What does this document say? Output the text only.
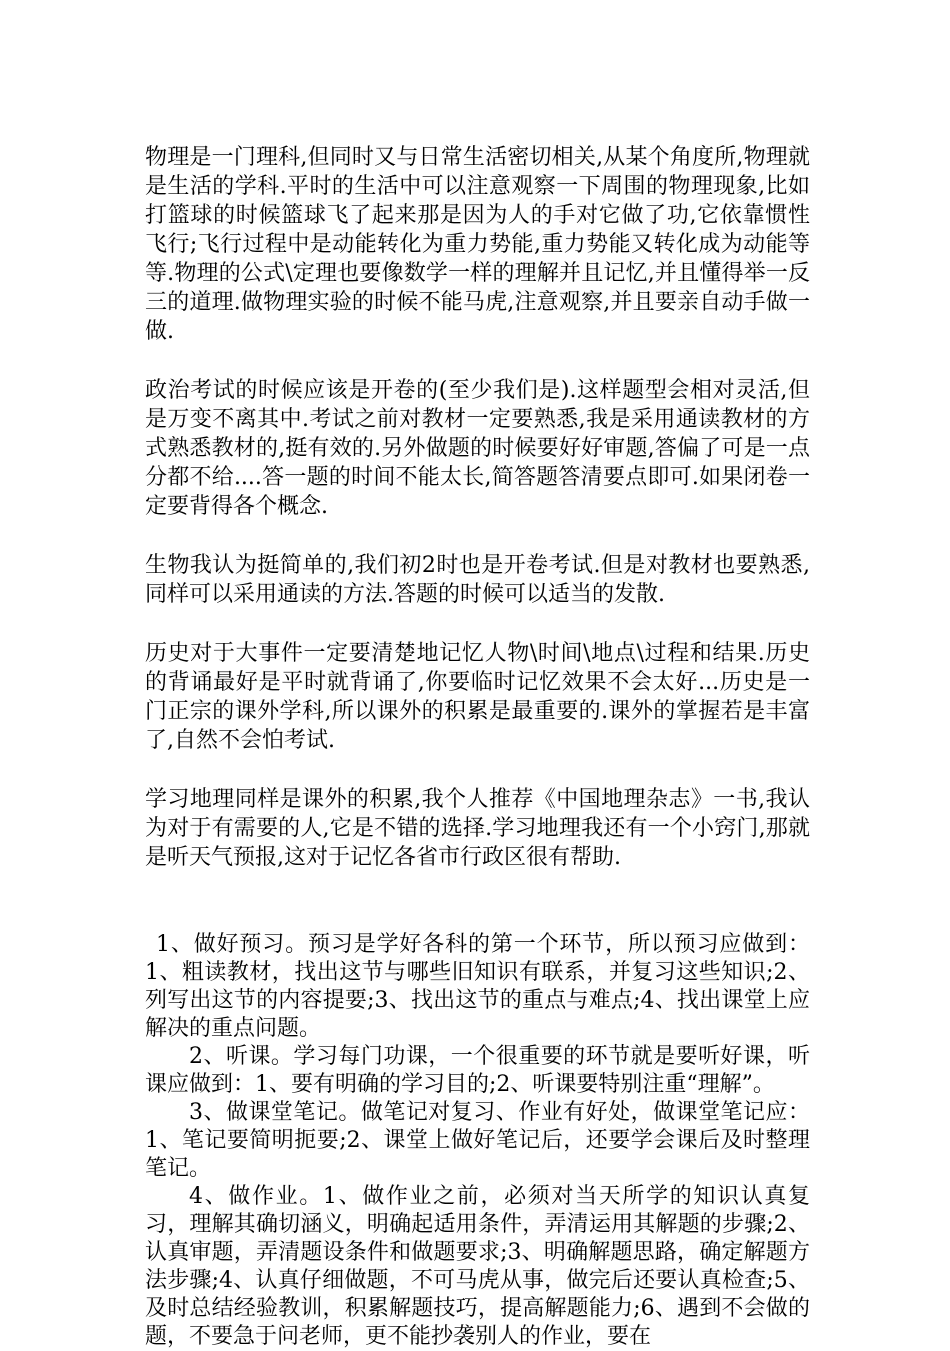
物理是一门理科,但同时又与日常生活密切相关,从某个角度所,物理就是生活的学科.平时的生活中可以注意观察一下周围的物理现象,比如打篮球的时候篮球飞了起来那是因为人的手对它做了功,它依靠惯性飞行;飞行过程中是动能转化为重力势能,重力势能又转化成为动能等等.物理的公式\定理也要像数学一样的理解并且记忆,并且懂得举一反三的道理.做物理实验的时候不能马虎,注意观察,并且要亲自动手做一做.

政治考试的时候应该是开卷的(至少我们是).这样题型会相对灵活,但是万变不离其中.考试之前对教材一定要熟悉,我是采用通读教材的方式熟悉教材的,挺有效的.另外做题的时候要好好审题,答偏了可是一点分都不给....答一题的时间不能太长,简答题答清要点即可.如果闭卷一定要背得各个概念.

生物我认为挺简单的,我们初2时也是开卷考试.但是对教材也要熟悉,同样可以采用通读的方法.答题的时候可以适当的发散.

历史对于大事件一定要清楚地记忆人物\时间\地点\过程和结果.历史的背诵最好是平时就背诵了,你要临时记忆效果不会太好...历史是一门正宗的课外学科,所以课外的积累是最重要的.课外的掌握若是丰富了,自然不会怕考试.

学习地理同样是课外的积累,我个人推荐《中国地理杂志》一书,我认为对于有需要的人,它是不错的选择.学习地理我还有一个小窍门,那就是听天气预报,这对于记忆各省市行政区很有帮助.

1、做好预习。预习是学好各科的第一个环节，所以预习应做到：1、粗读教材，找出这节与哪些旧知识有联系，并复习这些知识;2、列写出这节的内容提要;3、找出这节的重点与难点;4、找出课堂上应解决的重点问题。

2、听课。学习每门功课，一个很重要的环节就是要听好课，听课应做到：1、要有明确的学习目的;2、听课要特别注重“理解”。

3、做课堂笔记。做笔记对复习、作业有好处，做课堂笔记应：1、笔记要简明扼要;2、课堂上做好笔记后，还要学会课后及时整理笔记。

4、做作业。1、做作业之前，必须对当天所学的知识认真复习，理解其确切涵义，明确起适用条件，弄清运用其解题的步骤;2、认真审题，弄清题设条件和做题要求;3、明确解题思路，确定解题方法步骤;4、认真仔细做题，不可马虎从事，做完后还要认真检查;5、及时总结经验教训，积累解题技巧，提高解题能力;6、遇到不会做的题，不要急于问老师，更不能抄袭别人的作业，要在
